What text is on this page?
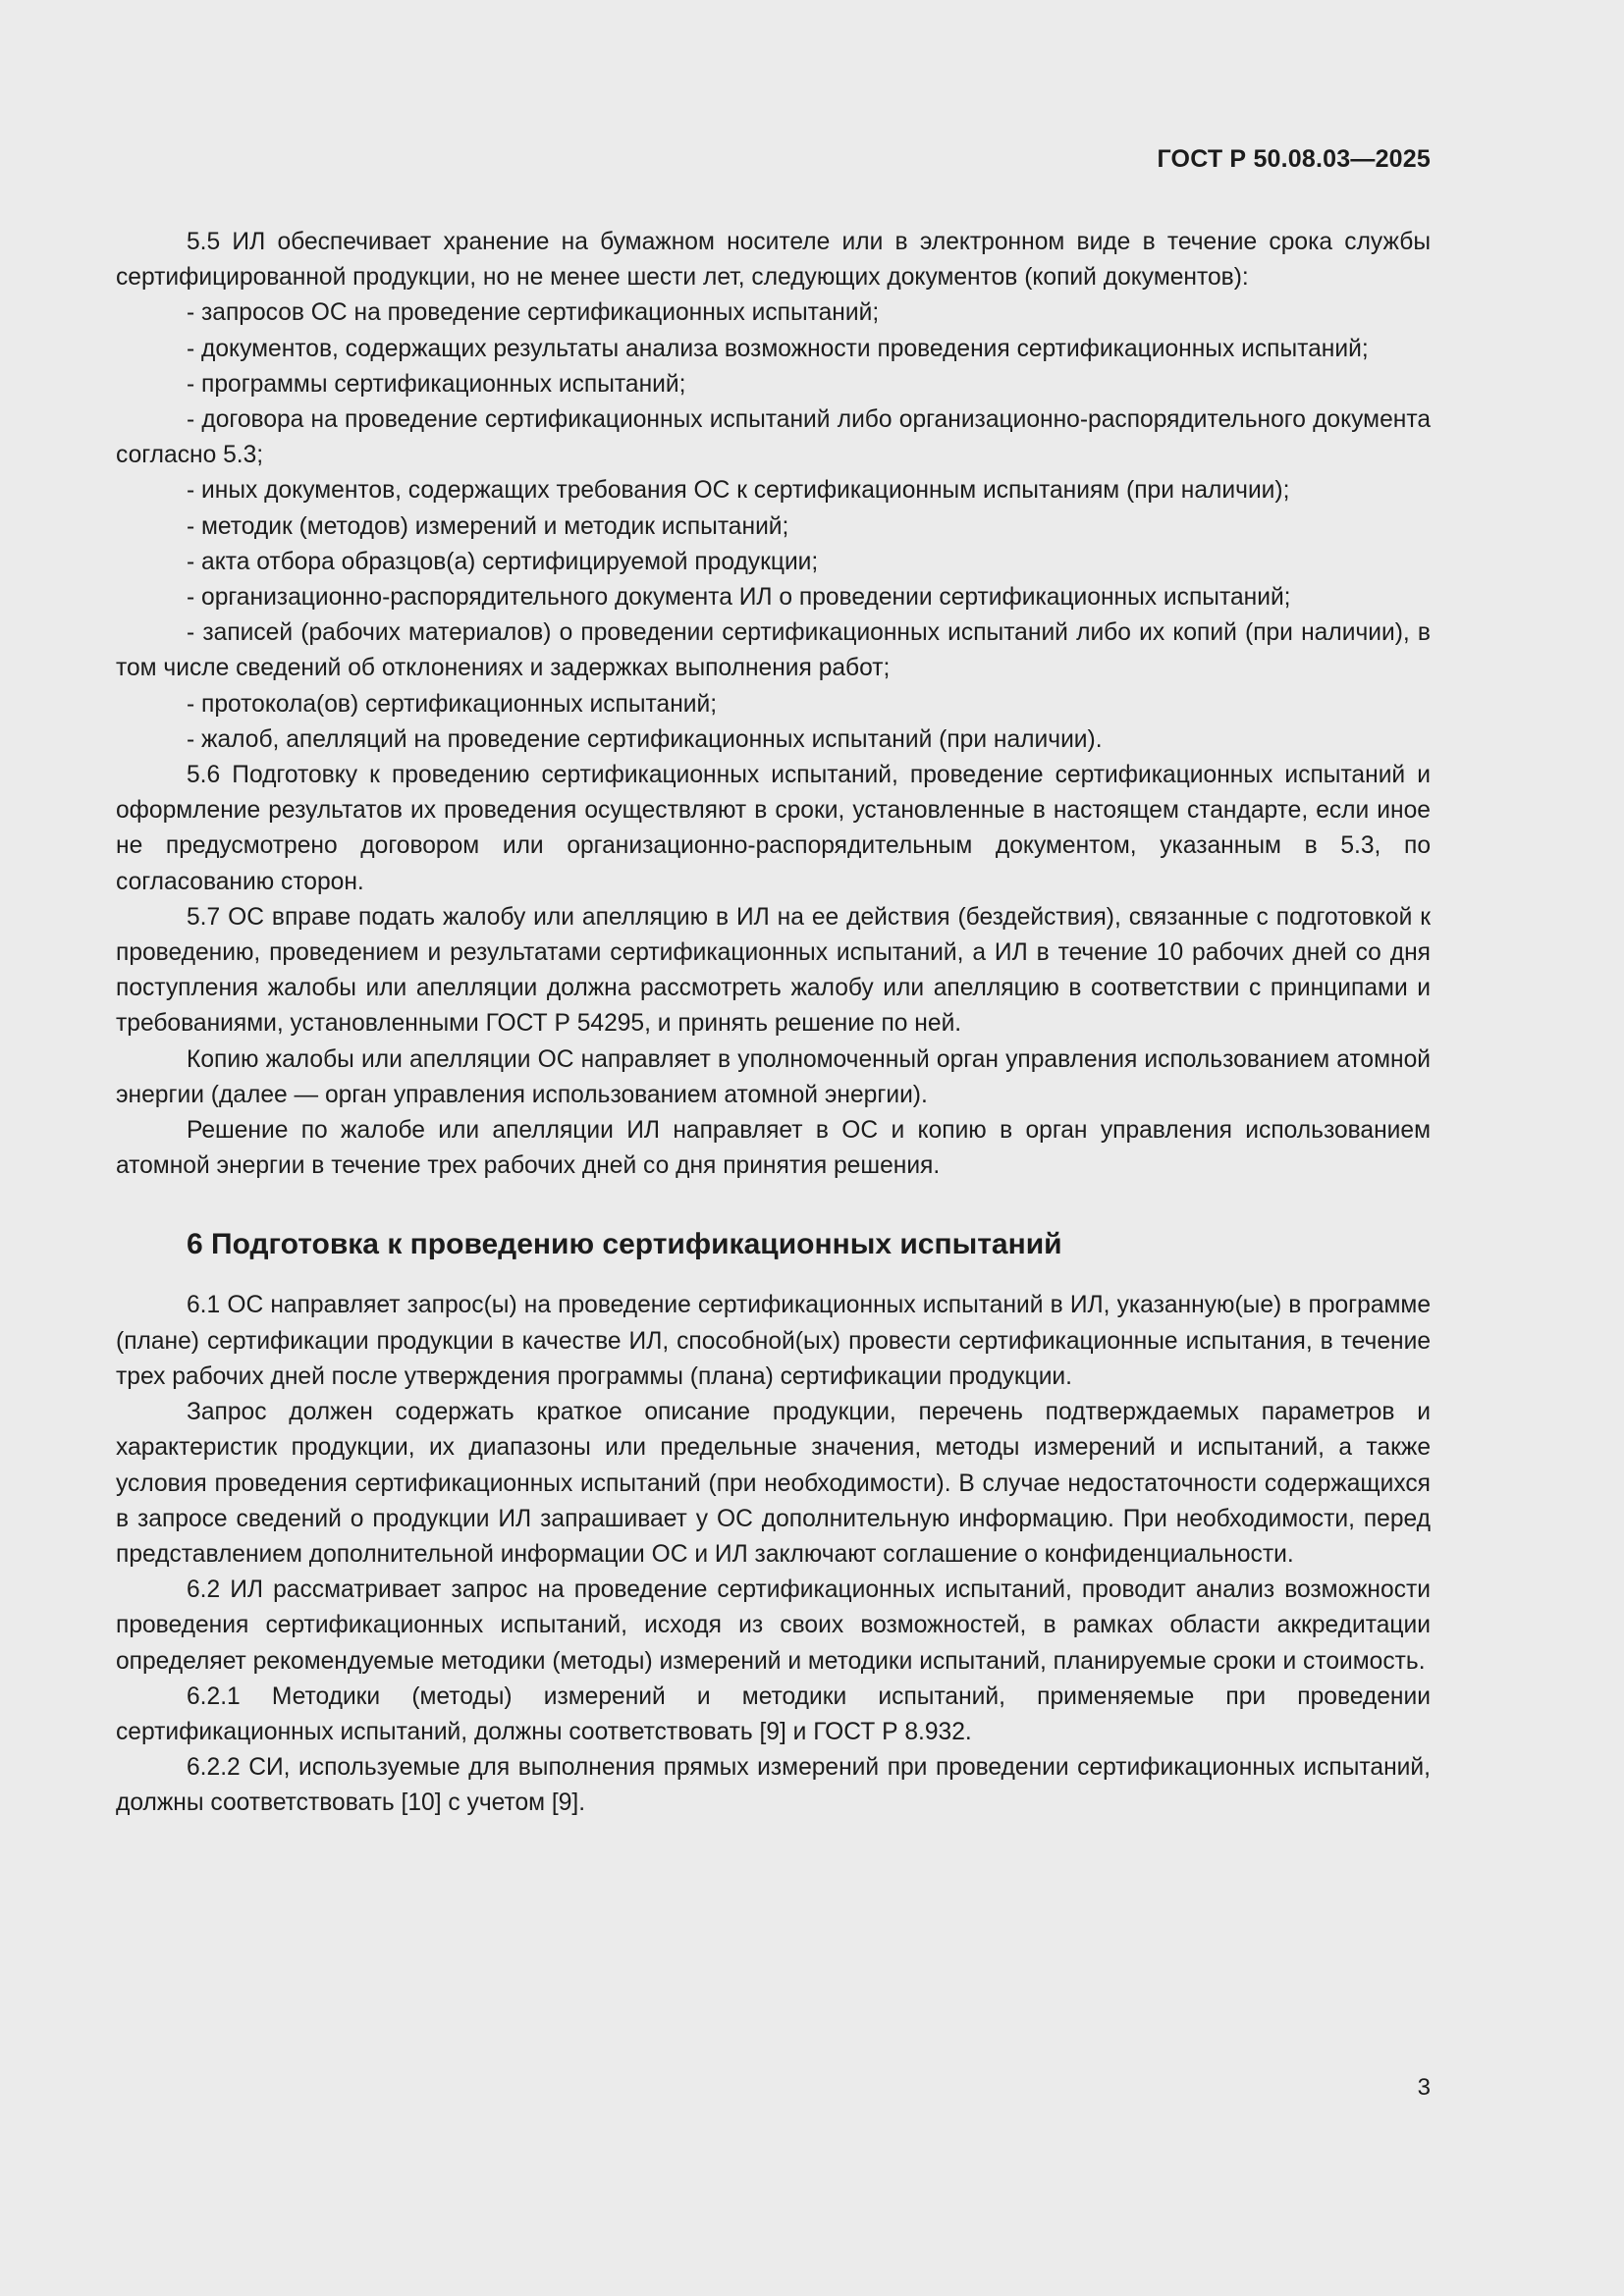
ГОСТ Р 50.08.03—2025

5.5 ИЛ обеспечивает хранение на бумажном носителе или в электронном виде в течение срока службы сертифицированной продукции, но не менее шести лет, следующих документов (копий документов):

- запросов ОС на проведение сертификационных испытаний;

- документов, содержащих результаты анализа возможности проведения сертификационных испытаний;

- программы сертификационных испытаний;

- договора на проведение сертификационных испытаний либо организационно-распорядительного документа согласно 5.3;

- иных документов, содержащих требования ОС к сертификационным испытаниям (при наличии);

- методик (методов) измерений и методик испытаний;

- акта отбора образцов(а) сертифицируемой продукции;

- организационно-распорядительного документа ИЛ о проведении сертификационных испытаний;

- записей (рабочих материалов) о проведении сертификационных испытаний либо их копий (при наличии), в том числе сведений об отклонениях и задержках выполнения работ;

- протокола(ов) сертификационных испытаний;

- жалоб, апелляций на проведение сертификационных испытаний (при наличии).

5.6 Подготовку к проведению сертификационных испытаний, проведение сертификационных испытаний и оформление результатов их проведения осуществляют в сроки, установленные в настоящем стандарте, если иное не предусмотрено договором или организационно-распорядительным документом, указанным в 5.3, по согласованию сторон.

5.7 ОС вправе подать жалобу или апелляцию в ИЛ на ее действия (бездействия), связанные с подготовкой к проведению, проведением и результатами сертификационных испытаний, а ИЛ в течение 10 рабочих дней со дня поступления жалобы или апелляции должна рассмотреть жалобу или апелляцию в соответствии с принципами и требованиями, установленными ГОСТ Р 54295, и принять решение по ней.

Копию жалобы или апелляции ОС направляет в уполномоченный орган управления использованием атомной энергии (далее — орган управления использованием атомной энергии).

Решение по жалобе или апелляции ИЛ направляет в ОС и копию в орган управления использованием атомной энергии в течение трех рабочих дней со дня принятия решения.

6 Подготовка к проведению сертификационных испытаний

6.1 ОС направляет запрос(ы) на проведение сертификационных испытаний в ИЛ, указанную(ые) в программе (плане) сертификации продукции в качестве ИЛ, способной(ых) провести сертификационные испытания, в течение трех рабочих дней после утверждения программы (плана) сертификации продукции.

Запрос должен содержать краткое описание продукции, перечень подтверждаемых параметров и характеристик продукции, их диапазоны или предельные значения, методы измерений и испытаний, а также условия проведения сертификационных испытаний (при необходимости). В случае недостаточности содержащихся в запросе сведений о продукции ИЛ запрашивает у ОС дополнительную информацию. При необходимости, перед представлением дополнительной информации ОС и ИЛ заключают соглашение о конфиденциальности.

6.2 ИЛ рассматривает запрос на проведение сертификационных испытаний, проводит анализ возможности проведения сертификационных испытаний, исходя из своих возможностей, в рамках области аккредитации определяет рекомендуемые методики (методы) измерений и методики испытаний, планируемые сроки и стоимость.

6.2.1 Методики (методы) измерений и методики испытаний, применяемые при проведении сертификационных испытаний, должны соответствовать [9] и ГОСТ Р 8.932.

6.2.2 СИ, используемые для выполнения прямых измерений при проведении сертификационных испытаний, должны соответствовать [10] с учетом [9].

3
